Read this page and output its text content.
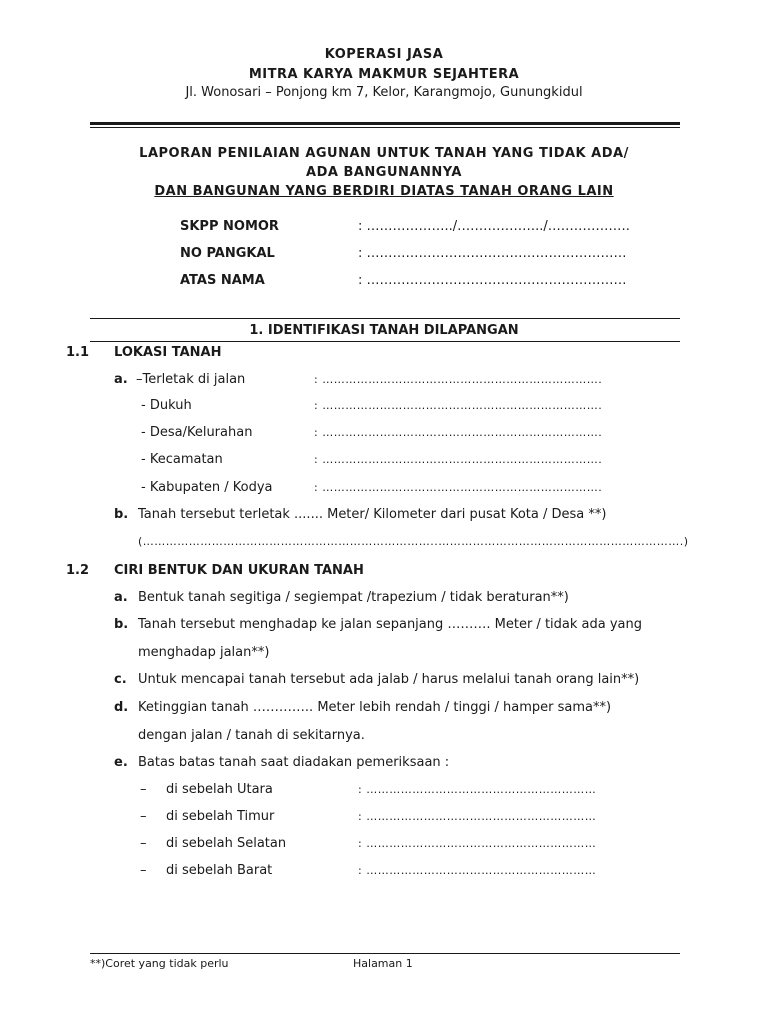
KOPERASI JASA
MITRA KARYA MAKMUR SEJAHTERA
Jl. Wonosari – Ponjong km 7, Kelor, Karangmojo, Gunungkidul
LAPORAN PENILAIAN AGUNAN UNTUK TANAH YANG TIDAK ADA/
ADA BANGUNANNYA
DAN BANGUNAN YANG BERDIRI DIATAS TANAH ORANG LAIN
SKPP NOMOR	: ………………../………………../……………….
NO PANGKAL	: ……………………………………………………
ATAS NAMA	: ……………………………………………………
1. IDENTIFIKASI TANAH DILAPANGAN
1.1 LOKASI TANAH
a. –Terletak di jalan	: ……………………………………………………………….
- Dukuh	: ……………………………………………………………….
- Desa/Kelurahan	: ……………………………………………………………….
- Kecamatan	: ……………………………………………………………….
- Kabupaten / Kodya	: ……………………………………………………………….
b. Tanah tersebut terletak ....... Meter/ Kilometer dari pusat Kota / Desa **)
(…………………………………………………………………..……………………………………………………….)
1.2 CIRI BENTUK DAN UKURAN TANAH
a. Bentuk tanah segitiga / segiempat /trapezium / tidak beraturan**)
b. Tanah tersebut menghadap ke jalan sepanjang ………. Meter / tidak ada yang
menghadap jalan**)
c. Untuk mencapai tanah tersebut ada jalab / harus melalui tanah orang lain**)
d. Ketinggian tanah ………….. Meter lebih rendah / tinggi / hamper sama**)
dengan jalan / tanah di sekitarnya.
e. Batas batas tanah saat diadakan pemeriksaan :
– di sebelah Utara	: ……………………………………………………
– di sebelah Timur	: ……………………………………………………
– di sebelah Selatan	: ……………………………………………………
– di sebelah Barat	: ……………………………………………………
**)Coret yang tidak perlu	Halaman 1
